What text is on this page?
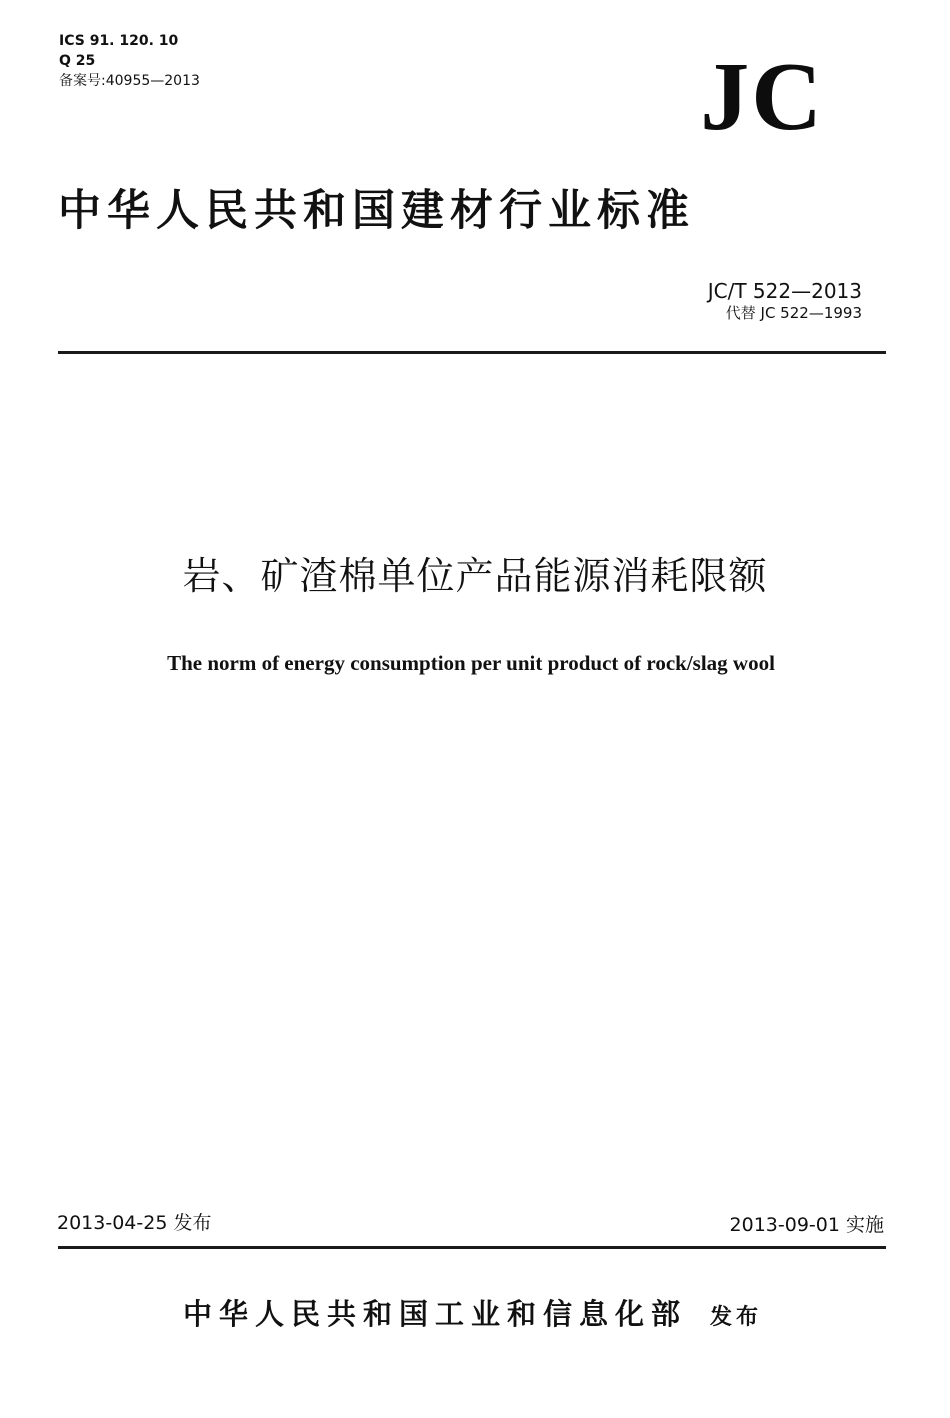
ICS 91. 120. 10
Q 25
备案号:40955—2013	JC
中华人民共和国建材行业标准
JC/T 522—2013
代替 JC 522—1993
岩、矿渣棉单位产品能源消耗限额
The norm of energy consumption per unit product of rock/slag wool
2013-04-25 发布	2013-09-01 实施
中华人民共和国工业和信息化部 发布
